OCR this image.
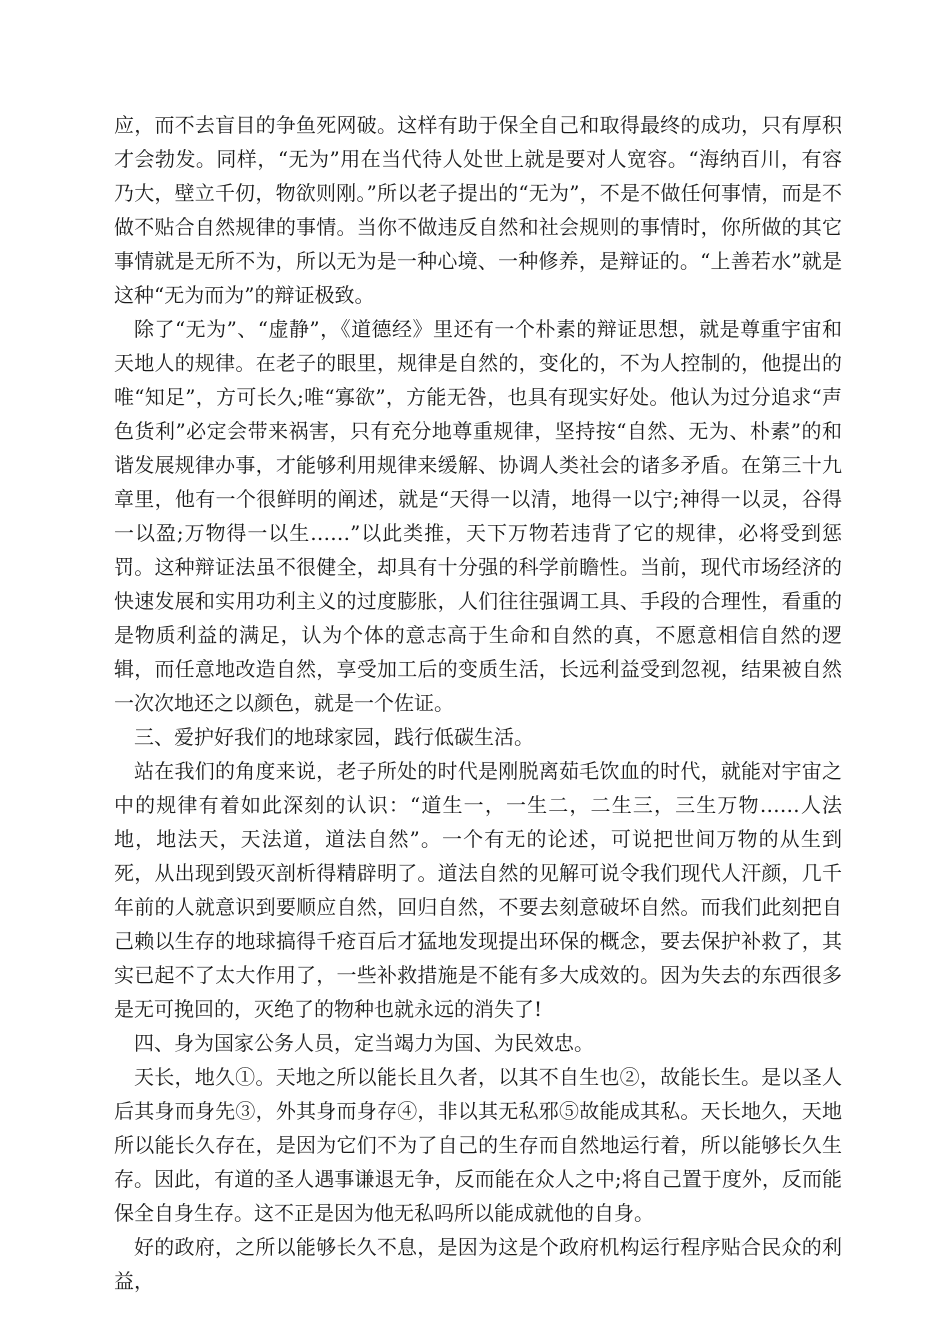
应，而不去盲目的争鱼死网破。这样有助于保全自己和取得最终的成功，只有厚积才会勃发。同样，“无为”用在当代待人处世上就是要对人宽容。“海纳百川，有容乃大，壁立千仞，物欲则刚。”所以老子提出的“无为”，不是不做任何事情，而是不做不贴合自然规律的事情。当你不做违反自然和社会规则的事情时，你所做的其它事情就是无所不为，所以无为是一种心境、一种修养，是辩证的。“上善若水”就是这种“无为而为”的辩证极致。

除了“无为”、“虚静”，《道德经》里还有一个朴素的辩证思想，就是尊重宇宙和天地人的规律。在老子的眼里，规律是自然的，变化的，不为人控制的，他提出的唯“知足”，方可长久;唯“寡欲”，方能无咎，也具有现实好处。他认为过分追求“声色货利”必定会带来祸害，只有充分地尊重规律，坚持按“自然、无为、朴素”的和谐发展规律办事，才能够利用规律来缓解、协调人类社会的诸多矛盾。在第三十九章里，他有一个很鲜明的阐述，就是“天得一以清，地得一以宁;神得一以灵，谷得一以盈;万物得一以生……”以此类推，天下万物若违背了它的规律，必将受到惩罚。这种辩证法虽不很健全，却具有十分强的科学前瞻性。当前，现代市场经济的快速发展和实用功利主义的过度膨胀，人们往往强调工具、手段的合理性，看重的是物质利益的满足，认为个体的意志高于生命和自然的真，不愿意相信自然的逻辑，而任意地改造自然，享受加工后的变质生活，长远利益受到忽视，结果被自然一次次地还之以颜色，就是一个佐证。

三、爱护好我们的地球家园，践行低碳生活。

站在我们的角度来说，老子所处的时代是刚脱离茹毛饮血的时代，就能对宇宙之中的规律有着如此深刻的认识：“道生一，一生二，二生三，三生万物……人法地，地法天，天法道，道法自然”。一个有无的论述，可说把世间万物的从生到死，从出现到毁灭剖析得精辟明了。道法自然的见解可说令我们现代人汗颜，几千年前的人就意识到要顺应自然，回归自然，不要去刻意破坏自然。而我们此刻把自己赖以生存的地球搞得千疮百后才猛地发现提出环保的概念，要去保护补救了，其实已起不了太大作用了，一些补救措施是不能有多大成效的。因为失去的东西很多是无可挽回的，灭绝了的物种也就永远的消失了!

四、身为国家公务人员，定当竭力为国、为民效忠。

天长，地久①。天地之所以能长且久者，以其不自生也②，故能长生。是以圣人后其身而身先③，外其身而身存④，非以其无私邪⑤故能成其私。天长地久，天地所以能长久存在，是因为它们不为了自己的生存而自然地运行着，所以能够长久生存。因此，有道的圣人遇事谦退无争，反而能在众人之中;将自己置于度外，反而能保全自身生存。这不正是因为他无私吗所以能成就他的自身。

好的政府，之所以能够长久不息，是因为这是个政府机构运行程序贴合民众的利益，
